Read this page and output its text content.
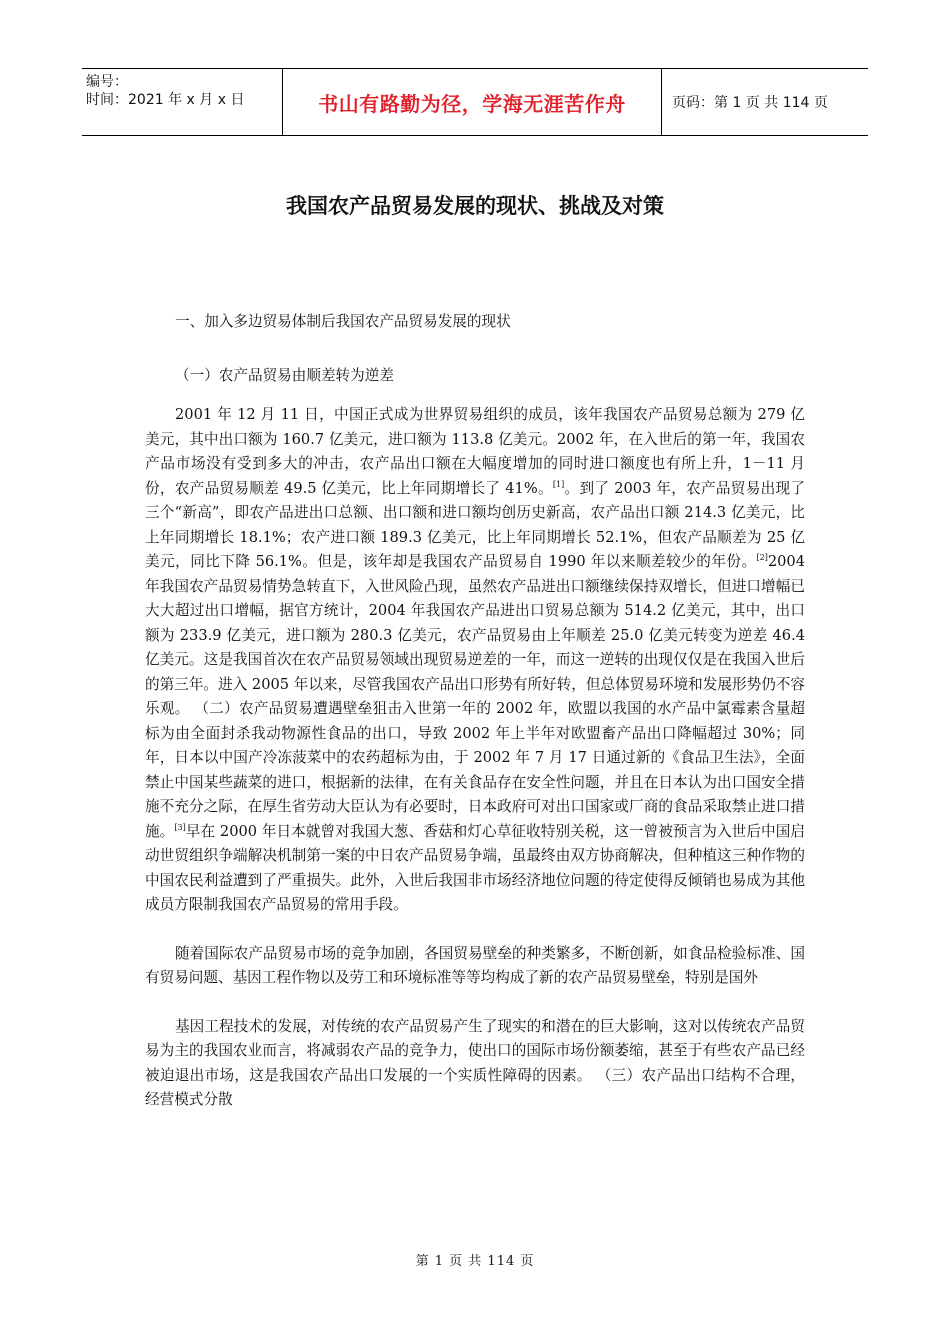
编号：
时间：2021 年 x 月 x 日	书山有路勤为径，学海无涯苦作舟	页码：第 1 页 共 114 页
我国农产品贸易发展的现状、挑战及对策

一、加入多边贸易体制后我国农产品贸易发展的现状

（一）农产品贸易由顺差转为逆差

2001 年 12 月 11 日，中国正式成为世界贸易组织的成员，该年我国农产品贸易总额为 279 亿美元，其中出口额为 160.7 亿美元，进口额为 113.8 亿美元。2002 年，在入世后的第一年，我国农产品市场没有受到多大的冲击，农产品出口额在大幅度增加的同时进口额度也有所上升，1－11 月份，农产品贸易顺差 49.5 亿美元，比上年同期增长了 41%。[1]。到了 2003 年，农产品贸易出现了三个“新高”，即农产品进出口总额、出口额和进口额均创历史新高，农产品出口额 214.3 亿美元，比上年同期增长 18.1%；农产进口额 189.3 亿美元，比上年同期增长 52.1%，但农产品顺差为 25 亿美元，同比下降 56.1%。但是，该年却是我国农产品贸易自 1990 年以来顺差较少的年份。[2]2004 年我国农产品贸易情势急转直下，入世风险凸现，虽然农产品进出口额继续保持双增长，但进口增幅已大大超过出口增幅，据官方统计，2004 年我国农产品进出口贸易总额为 514.2 亿美元，其中，出口额为 233.9 亿美元，进口额为 280.3 亿美元，农产品贸易由上年顺差 25.0 亿美元转变为逆差 46.4 亿美元。这是我国首次在农产品贸易领域出现贸易逆差的一年，而这一逆转的出现仅仅是在我国入世后的第三年。进入 2005 年以来，尽管我国农产品出口形势有所好转，但总体贸易环境和发展形势仍不容乐观。 （二）农产品贸易遭遇壁垒狙击入世第一年的 2002 年，欧盟以我国的水产品中氯霉素含量超标为由全面封杀我动物源性食品的出口，导致 2002 年上半年对欧盟畜产品出口降幅超过 30%；同年，日本以中国产冷冻菠菜中的农药超标为由，于 2002 年 7 月 17 日通过新的《食品卫生法》，全面禁止中国某些蔬菜的进口，根据新的法律，在有关食品存在安全性问题，并且在日本认为出口国安全措施不充分之际，在厚生省劳动大臣认为有必要时，日本政府可对出口国家或厂商的食品采取禁止进口措施。[3]早在 2000 年日本就曾对我国大葱、香菇和灯心草征收特别关税，这一曾被预言为入世后中国启动世贸组织争端解决机制第一案的中日农产品贸易争端，虽最终由双方协商解决，但种植这三种作物的中国农民利益遭到了严重损失。此外，入世后我国非市场经济地位问题的待定使得反倾销也易成为其他成员方限制我国农产品贸易的常用手段。

随着国际农产品贸易市场的竞争加剧，各国贸易壁垒的种类繁多，不断创新，如食品检验标准、国有贸易问题、基因工程作物以及劳工和环境标准等等均构成了新的农产品贸易壁垒，特别是国外

基因工程技术的发展，对传统的农产品贸易产生了现实的和潜在的巨大影响，这对以传统农产品贸易为主的我国农业而言，将减弱农产品的竞争力，使出口的国际市场份额萎缩，甚至于有些农产品已经被迫退出市场，这是我国农产品出口发展的一个实质性障碍的因素。 （三）农产品出口结构不合理，经营模式分散

第 1 页 共 114 页
